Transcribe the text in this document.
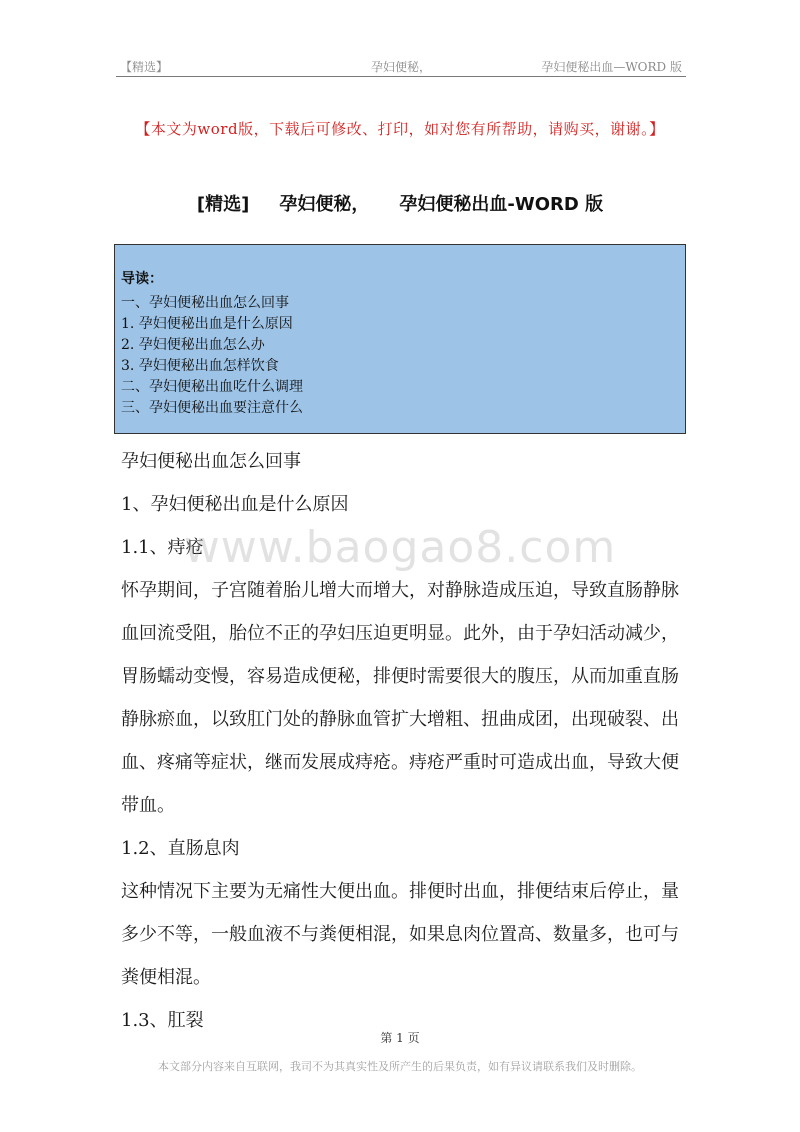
【精选】	孕妇便秘，	孕妇便秘出血—WORD 版
【本文为word版，下载后可修改、打印，如对您有所帮助，请购买，谢谢。】
[精选] 孕妇便秘， 孕妇便秘出血-WORD 版
导读：
一、孕妇便秘出血怎么回事
1. 孕妇便秘出血是什么原因
2. 孕妇便秘出血怎么办
3. 孕妇便秘出血怎样饮食
二、孕妇便秘出血吃什么调理
三、孕妇便秘出血要注意什么

孕妇便秘出血怎么回事

1、孕妇便秘出血是什么原因

1.1、痔疮

怀孕期间，子宫随着胎儿增大而增大，对静脉造成压迫，导致直肠静脉血回流受阻，胎位不正的孕妇压迫更明显。此外，由于孕妇活动减少，胃肠蠕动变慢，容易造成便秘，排便时需要很大的腹压，从而加重直肠静脉瘀血，以致肛门处的静脉血管扩大增粗、扭曲成团，出现破裂、出血、疼痛等症状，继而发展成痔疮。痔疮严重时可造成出血，导致大便带血。

1.2、直肠息肉

这种情况下主要为无痛性大便出血。排便时出血，排便结束后停止，量多少不等，一般血液不与粪便相混，如果息肉位置高、数量多，也可与粪便相混。

1.3、肛裂

www.baogao8.com
第 1 页
本文部分内容来自互联网，我司不为其真实性及所产生的后果负责，如有异议请联系我们及时删除。
